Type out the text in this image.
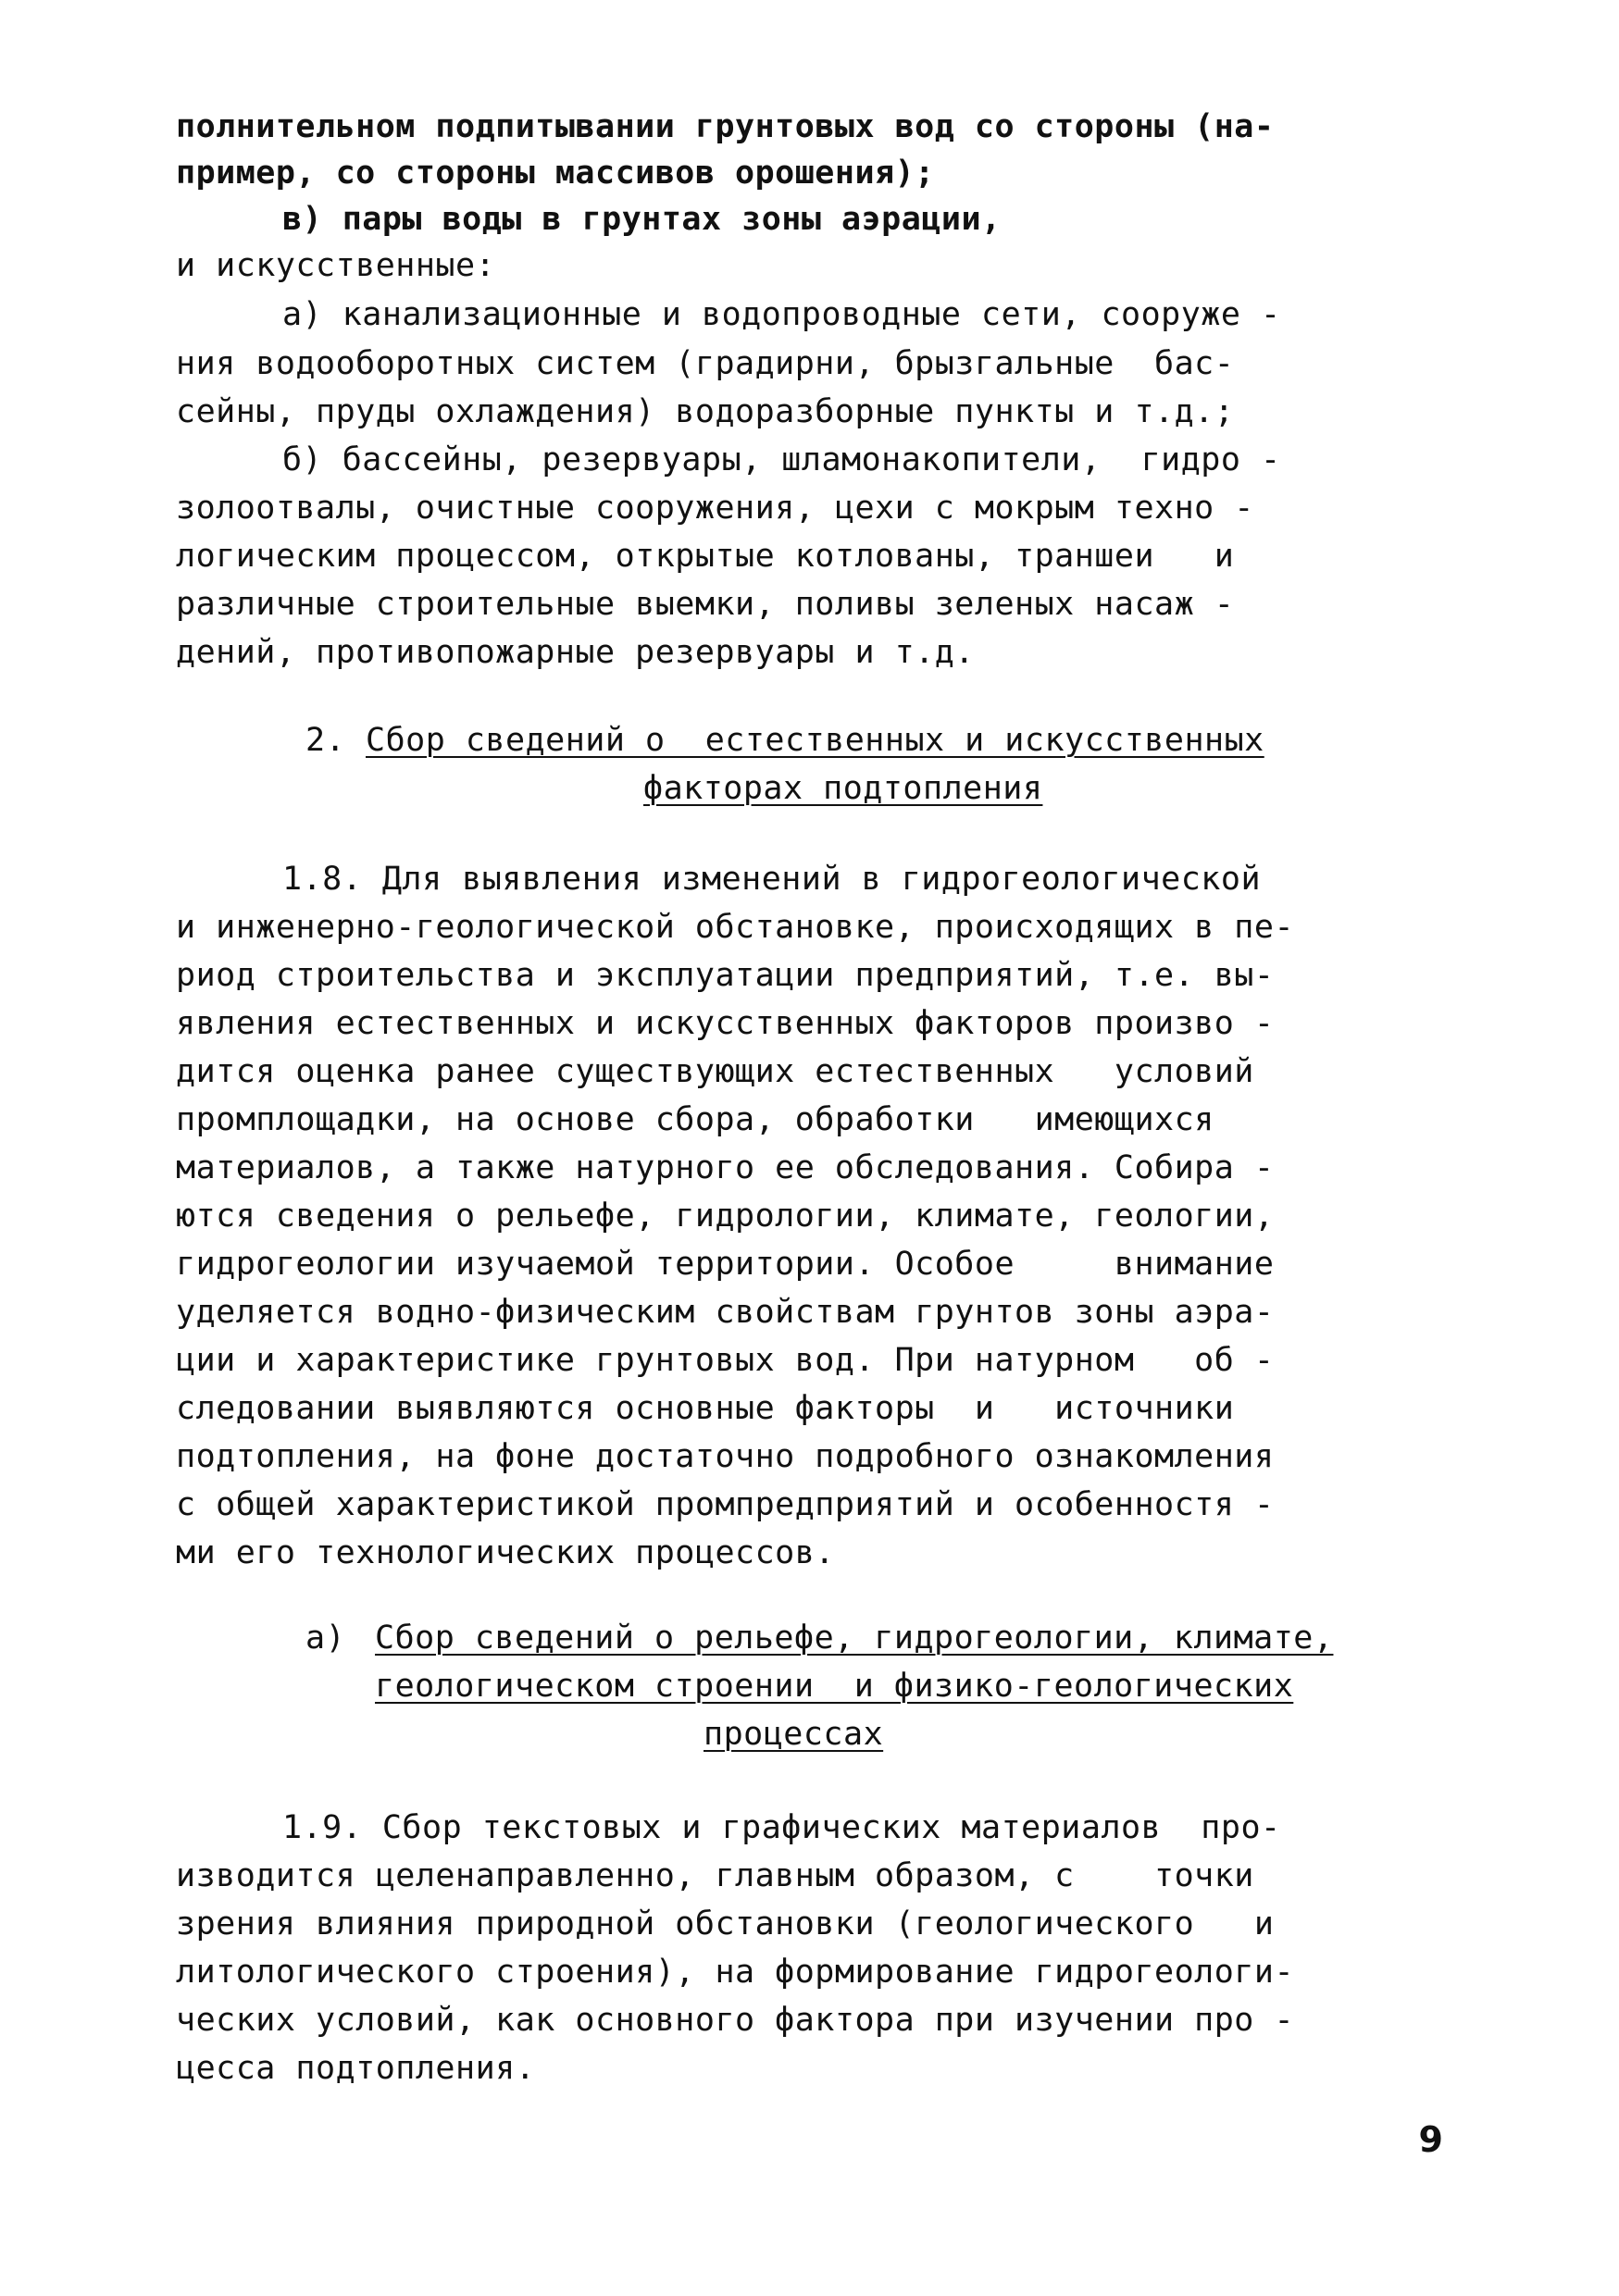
полнительном подпитывании грунтовых вод со стороны (на-
пример, со стороны массивов орошения);
в) пары воды в грунтах зоны аэрации,
и искусственные:
а) канализационные и водопроводные сети, сооруже -
ния водооборотных систем (градирни, брызгальные  бас-
сейны, пруды охлаждения) водоразборные пункты и т.д.;
б) бассейны, резервуары, шламонакопители,  гидро -
золоотвалы, очистные сооружения, цехи с мокрым техно -
логическим процессом, открытые котлованы, траншеи   и
различные строительные выемки, поливы зеленых насаж -
дений, противопожарные резервуары и т.д.
2. Сбор сведений о  естественных и искусственных
факторах подтопления
1.8. Для выявления изменений в гидрогеологической
и инженерно-геологической обстановке, происходящих в пе-
риод строительства и эксплуатации предприятий, т.е. вы-
явления естественных и искусственных факторов произво -
дится оценка ранее существующих естественных   условий
промплощадки, на основе сбора, обработки   имеющихся
материалов, а также натурного ее обследования. Собира -
ются сведения о рельефе, гидрологии, климате, геологии,
гидрогеологии изучаемой территории. Особое     внимание
уделяется водно-физическим свойствам грунтов зоны аэра-
ции и характеристике грунтовых вод. При натурном   об -
следовании выявляются основные факторы  и   источники
подтопления, на фоне достаточно подробного ознакомления
с общей характеристикой промпредприятий и особенностя -
ми его технологических процессов.
а) Сбор сведений о рельефе, гидрогеологии, климате,
геологическом строении  и физико-геологических
процессах
1.9. Сбор текстовых и графических материалов  про-
изводится целенаправленно, главным образом, с    точки
зрения влияния природной обстановки (геологического   и
литологического строения), на формирование гидрогеологи-
ческих условий, как основного фактора при изучении про -
цесса подтопления.
9
